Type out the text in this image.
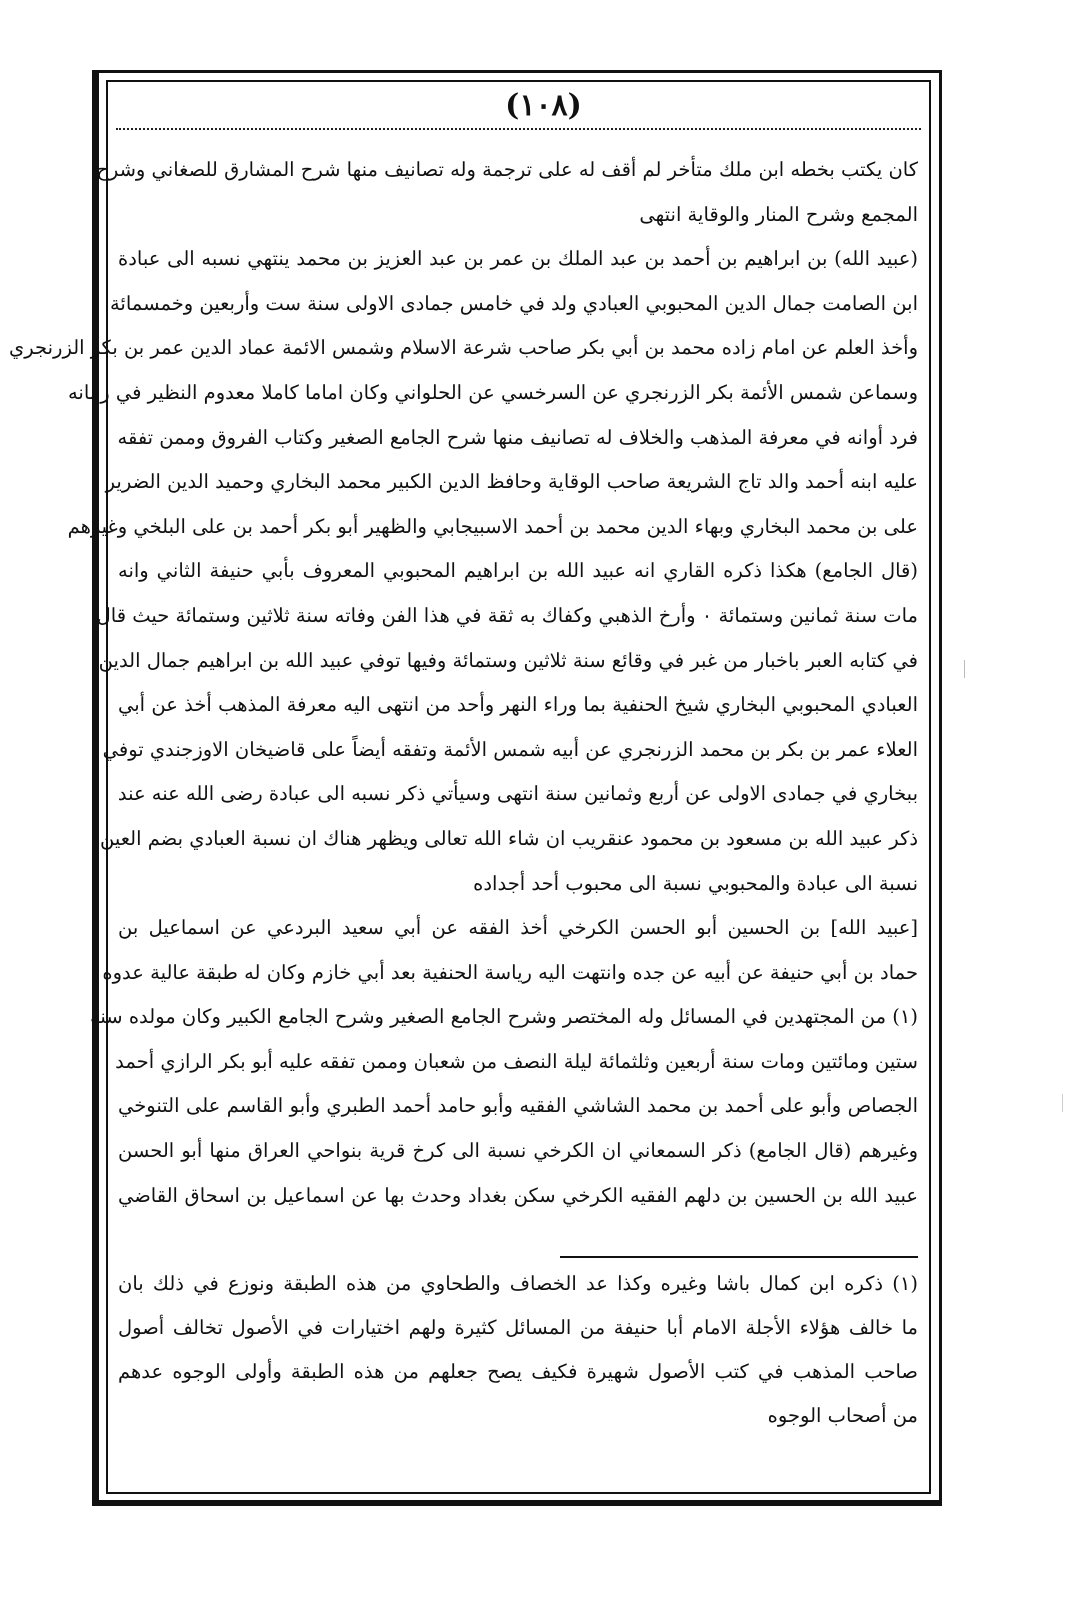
(١٠٨)
كان يكتب بخطه ابن ملك متأخر لم أقف له على ترجمة وله تصانيف منها شرح المشارق للصغاني وشرح
المجمع وشرح المنار والوقاية انتهى
(عبيد الله) بن ابراهيم بن أحمد بن عبد الملك بن عمر بن عبد العزيز بن محمد ينتهي نسبه الى عبادة
ابن الصامت جمال الدين المحبوبي العبادي ولد في خامس جمادى الاولى سنة ست وأربعين وخمسمائة
وأخذ العلم عن امام زاده محمد بن أبي بكر صاحب شرعة الاسلام وشمس الائمة عماد الدين عمر بن بكر الزرنجري
وسماعن شمس الأئمة بكر الزرنجري عن السرخسي عن الحلواني وكان اماما كاملا معدوم النظير في زمانه
فرد أوانه في معرفة المذهب والخلاف له تصانيف منها شرح الجامع الصغير وكتاب الفروق وممن تفقه
عليه ابنه أحمد والد تاج الشريعة صاحب الوقاية وحافظ الدين الكبير محمد البخاري وحميد الدين الضرير
على بن محمد البخاري وبهاء الدين محمد بن أحمد الاسبيجابي والظهير أبو بكر أحمد بن على البلخي وغيرهم
(قال الجامع) هكذا ذكره القاري انه عبيد الله بن ابراهيم المحبوبي المعروف بأبي حنيفة الثاني وانه
مات سنة ثمانين وستمائة ٠ وأرخ الذهبي وكفاك به ثقة في هذا الفن وفاته سنة ثلاثين وستمائة حيث قال
في كتابه العبر باخبار من غبر في وقائع سنة ثلاثين وستمائة وفيها توفي عبيد الله بن ابراهيم جمال الدين
العبادي المحبوبي البخاري شيخ الحنفية بما وراء النهر وأحد من انتهى اليه معرفة المذهب أخذ عن أبي
العلاء عمر بن بكر بن محمد الزرنجري عن أبيه شمس الأئمة وتفقه أيضاً على قاضيخان الاوزجندي توفي
ببخاري في جمادى الاولى عن أربع وثمانين سنة انتهى وسيأتي ذكر نسبه الى عبادة رضى الله عنه عند
ذكر عبيد الله بن مسعود بن محمود عنقريب ان شاء الله تعالى ويظهر هناك ان نسبة العبادي بضم العين
نسبة الى عبادة والمحبوبي نسبة الى محبوب أحد أجداده
[عبيد الله] بن الحسين أبو الحسن الكرخي أخذ الفقه عن أبي سعيد البردعي عن اسماعيل بن
حماد بن أبي حنيفة عن أبيه عن جده وانتهت اليه رياسة الحنفية بعد أبي خازم وكان له طبقة عالية عدوه
(١) من المجتهدين في المسائل وله المختصر وشرح الجامع الصغير وشرح الجامع الكبير وكان مولده سنة
ستين ومائتين ومات سنة أربعين وثلثمائة ليلة النصف من شعبان وممن تفقه عليه أبو بكر الرازي أحمد
الجصاص وأبو على أحمد بن محمد الشاشي الفقيه وأبو حامد أحمد الطبري وأبو القاسم على التنوخي
وغيرهم (قال الجامع) ذكر السمعاني ان الكرخي نسبة الى كرخ قرية بنواحي العراق منها أبو الحسن
عبيد الله بن الحسين بن دلهم الفقيه الكرخي سكن بغداد وحدث بها عن اسماعيل بن اسحاق القاضي
(١) ذكره ابن كمال باشا وغيره وكذا عد الخصاف والطحاوي من هذه الطبقة ونوزع في ذلك بان
ما خالف هؤلاء الأجلة الامام أبا حنيفة من المسائل كثيرة ولهم اختيارات في الأصول تخالف أصول
صاحب المذهب في كتب الأصول شهيرة فكيف يصح جعلهم من هذه الطبقة وأولى الوجوه عدهم
من أصحاب الوجوه
